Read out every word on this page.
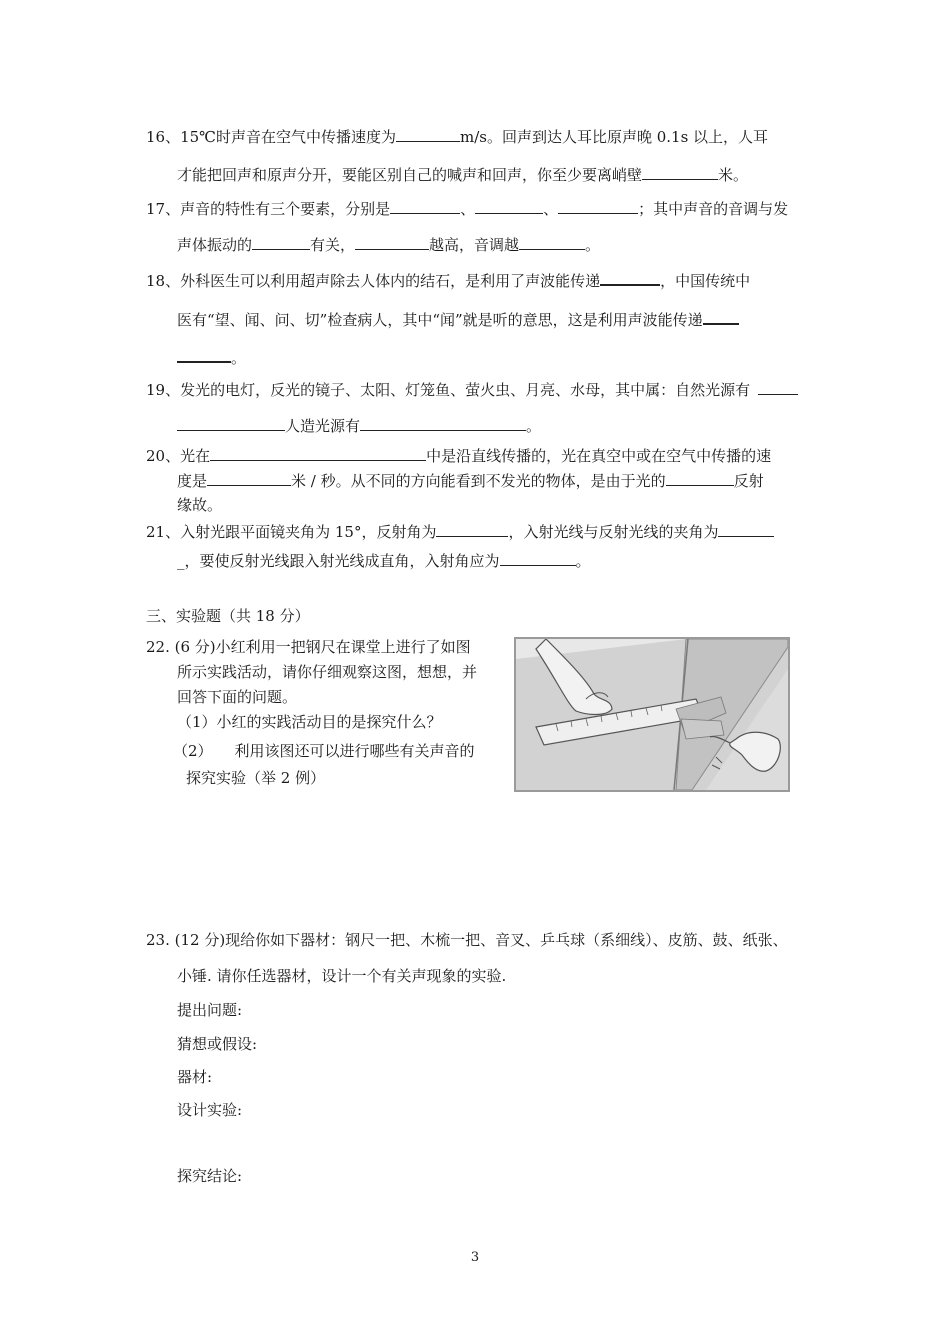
16、15℃时声音在空气中传播速度为	m/s。回声到达人耳比原声晚 0.1s 以上，人耳
才能把回声和原声分开，要能区别自己的喊声和回声，你至少要离峭壁	米。
17、声音的特性有三个要素，分别是	、	、	；其中声音的音调与发
声体振动的	有关，	越高，音调越	。
18、外科医生可以利用超声除去人体内的结石，是利用了声波能传递	，中国传统中
医有“望、闻、问、切”检查病人，其中“闻”就是听的意思，这是利用声波能传递
。
19、发光的电灯，反光的镜子、太阳、灯笼鱼、萤火虫、月亮、水母，其中属：自然光源有
人造光源有	。
20、光在	中是沿直线传播的，光在真空中或在空气中传播的速
度是	米 / 秒。从不同的方向能看到不发光的物体，是由于光的	反射
缘故。
21、入射光跟平面镜夹角为 15°，反射角为	，入射光线与反射光线的夹角为
_，要使反射光线跟入射光线成直角，入射角应为	。
三、实验题（共 18 分）
22. (6 分)小红利用一把钢尺在课堂上进行了如图
所示实践活动，请你仔细观察这图，想想，并
回答下面的问题。
（1）小红的实践活动目的是探究什么？
（2） 利用该图还可以进行哪些有关声音的
探究实验（举 2 例）
23. (12 分)现给你如下器材：钢尺一把、木梳一把、音叉、乒乓球（系细线）、皮筋、鼓、纸张、
小锤. 请你任选器材，设计一个有关声现象的实验.
提出问题:
猜想或假设:
器材:
设计实验:
探究结论:
3
